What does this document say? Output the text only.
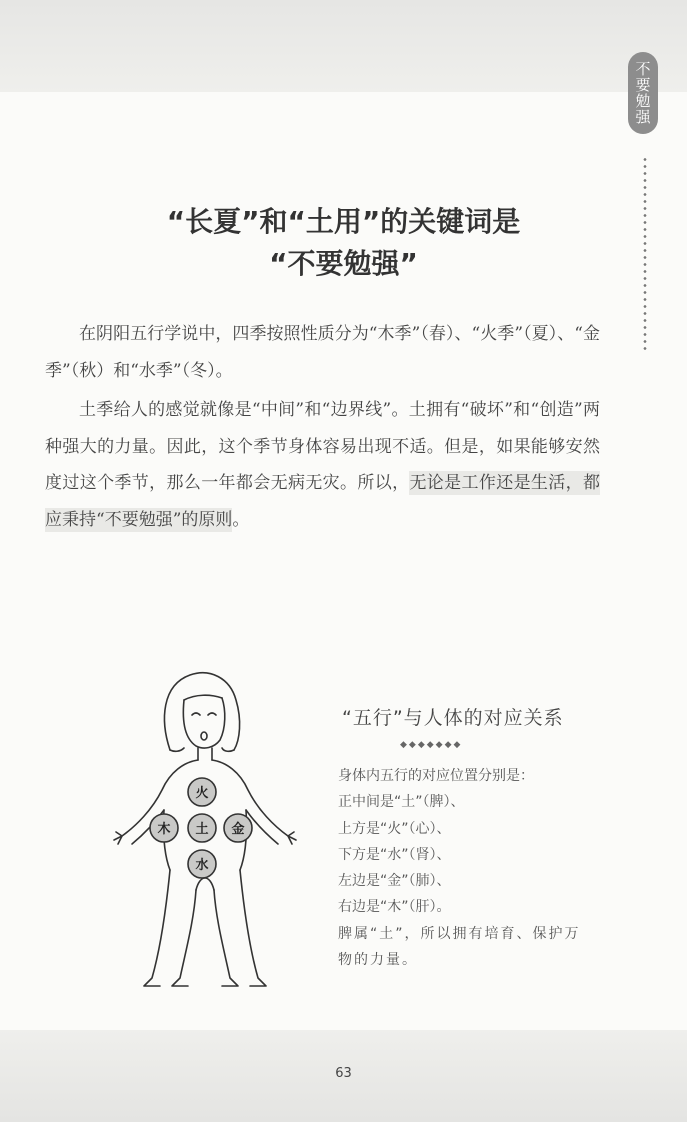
不要勉强
“长夏”和“土用”的关键词是
“不要勉强”

在阴阳五行学说中，四季按照性质分为“木季”（春）、“火季”（夏）、“金季”（秋）和“水季”（冬）。

土季给人的感觉就像是“中间”和“边界线”。土拥有“破坏”和“创造”两种强大的力量。因此，这个季节身体容易出现不适。但是，如果能够安然度过这个季节，那么一年都会无病无灾。所以，无论是工作还是生活，都应秉持“不要勉强”的原则。

火
土
水
木	金
“五行”与人体的对应关系
◆◆◆◆◆◆◆
身体内五行的对应位置分别是：
正中间是“土”（脾）、
上方是“火”（心）、
下方是“水”（肾）、
左边是“金”（肺）、
右边是“木”（肝）。
脾属“土”，所以拥有培育、保护万物的力量。
63
